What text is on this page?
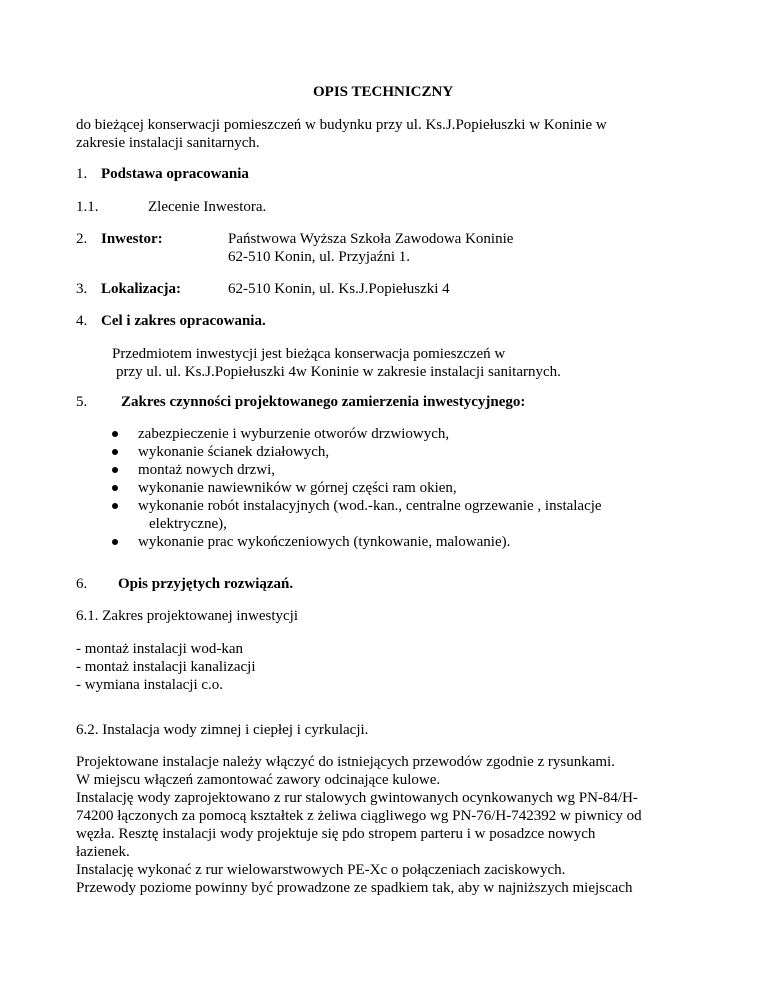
OPIS TECHNICZNY
do bieżącej konserwacji pomieszczeń w budynku przy ul. Ks.J.Popiełuszki w Koninie w
zakresie instalacji sanitarnych.
1. Podstawa opracowania
1.1.	Zlecenie Inwestora.
2. Inwestor:	Państwowa Wyższa Szkoła Zawodowa Koninie
62-510 Konin, ul. Przyjaźni 1.
3. Lokalizacja:	62-510 Konin, ul. Ks.J.Popiełuszki 4
4. Cel i zakres opracowania.
Przedmiotem inwestycji jest bieżąca konserwacja pomieszczeń w
przy ul. ul. Ks.J.Popiełuszki 4w Koninie w zakresie instalacji sanitarnych.
5. Zakres czynności projektowanego zamierzenia inwestycyjnego:
zabezpieczenie i wyburzenie otworów drzwiowych,
wykonanie ścianek działowych,
montaż nowych drzwi,
wykonanie nawiewników w górnej części ram okien,
wykonanie robót instalacyjnych (wod.-kan., centralne ogrzewanie , instalacje
elektryczne),
wykonanie prac wykończeniowych (tynkowanie, malowanie).
6. Opis przyjętych rozwiązań.
6.1. Zakres projektowanej inwestycji
- montaż instalacji wod-kan
- montaż instalacji kanalizacji
- wymiana instalacji c.o.
6.2. Instalacja wody zimnej i ciepłej i cyrkulacji.
Projektowane instalacje należy włączyć do istniejących przewodów zgodnie z rysunkami.
W miejscu włączeń zamontować zawory odcinające kulowe.
Instalację wody zaprojektowano z rur stalowych gwintowanych ocynkowanych wg PN-84/H-
74200 łączonych za pomocą kształtek z żeliwa ciągliwego wg PN-76/H-742392 w piwnicy od
węzła. Resztę instalacji wody projektuje się pdo stropem parteru i w posadzce nowych
łazienek.
Instalację wykonać z rur wielowarstwowych PE-Xc o połączeniach zaciskowych.
Przewody poziome powinny być prowadzone ze spadkiem tak, aby w najniższych miejscach
